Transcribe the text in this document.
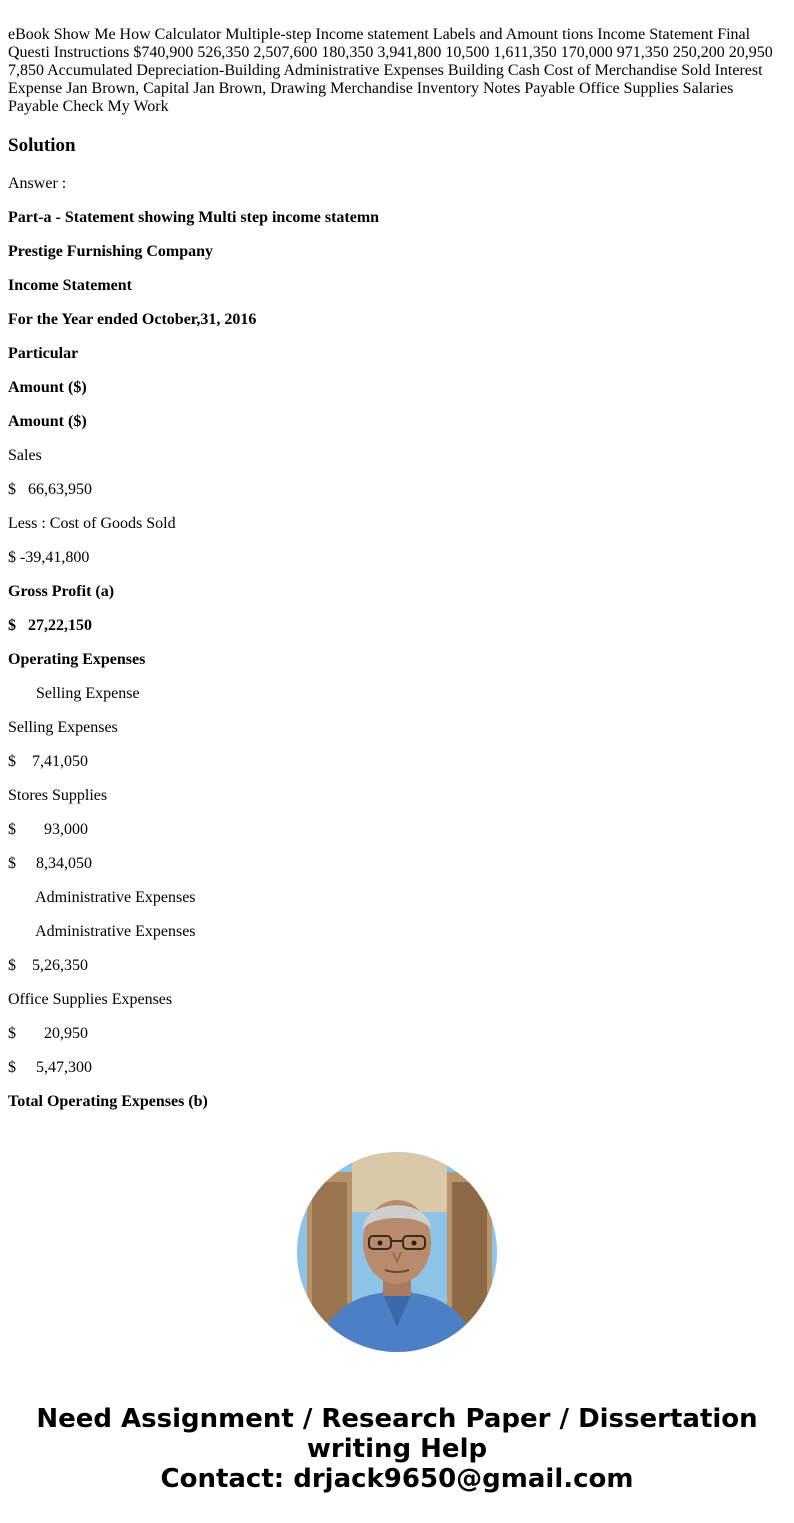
eBook Show Me How Calculator Multiple-step Income statement Labels and Amount tions Income Statement Final Questi Instructions $740,900 526,350 2,507,600 180,350 3,941,800 10,500 1,611,350 170,000 971,350 250,200 20,950 7,850 Accumulated Depreciation-Building Administrative Expenses Building Cash Cost of Merchandise Sold Interest Expense Jan Brown, Capital Jan Brown, Drawing Merchandise Inventory Notes Payable Office Supplies Salaries Payable Check My Work

Solution
Answer :
Part-a - Statement showing Multi step income statemn
Prestige Furnishing Company
Income Statement
For the Year ended October,31, 2016
Particular
Amount ($)
Amount ($)
Sales
$   66,63,950
Less : Cost of Goods Sold
$ -39,41,800
Gross Profit (a)
$   27,22,150
Operating Expenses
Selling Expense
Selling Expenses
$    7,41,050
Stores Supplies
$       93,000
$     8,34,050
Administrative Expenses
Administrative Expenses
$    5,26,350
Office Supplies Expenses
$       20,950
$     5,47,300
Total Operating Expenses (b)
Need Assignment / Research Paper / Dissertation
writing Help
Contact: drjack9650@gmail.com
